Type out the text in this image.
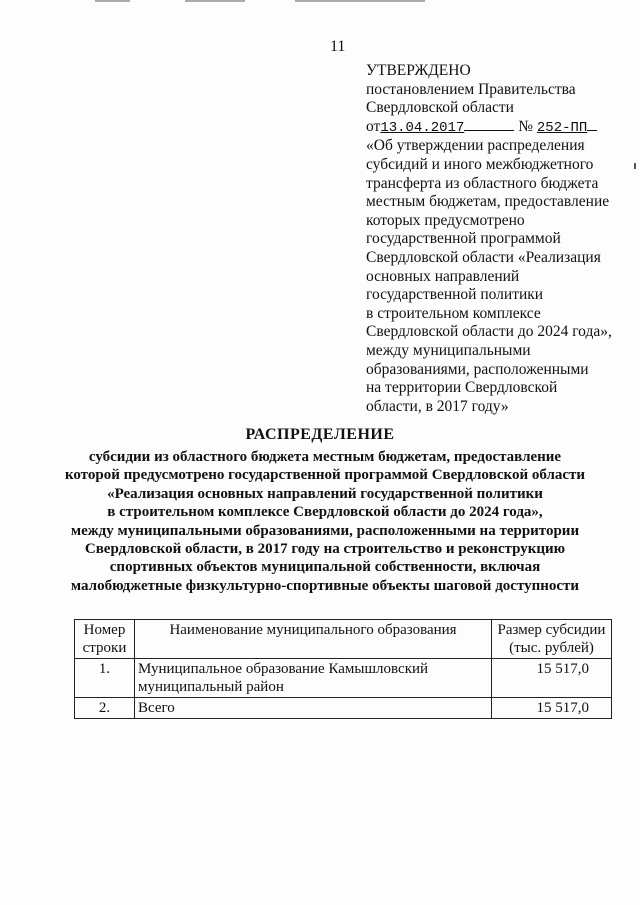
11
УТВЕРЖДЕНО
постановлением Правительства
Свердловской области
от13.04.2017	№ 252-ПП
«Об утверждении распределения
субсидий и иного межбюджетного
трансферта из областного бюджета
местным бюджетам, предоставление
которых предусмотрено
государственной программой
Свердловской области «Реализация
основных направлений
государственной политики
в строительном комплексе
Свердловской области до 2024 года»,
между муниципальными
образованиями, расположенными
на территории Свердловской
области, в 2017 году»
РАСПРЕДЕЛЕНИЕ
субсидии из областного бюджета местным бюджетам, предоставление
которой предусмотрено государственной программой Свердловской области
«Реализация основных направлений государственной политики
в строительном комплексе Свердловской области до 2024 года»,
между муниципальными образованиями, расположенными на территории
Свердловской области, в 2017 году на строительство и реконструкцию
спортивных объектов муниципальной собственности, включая
малобюджетные физкультурно-спортивные объекты шаговой доступности
Номер строки	Наименование муниципального образования	Размер субсидии (тыс. рублей)
1.	Муниципальное образование Камышловский муниципальный район	15 517,0
2.	Всего	15 517,0
